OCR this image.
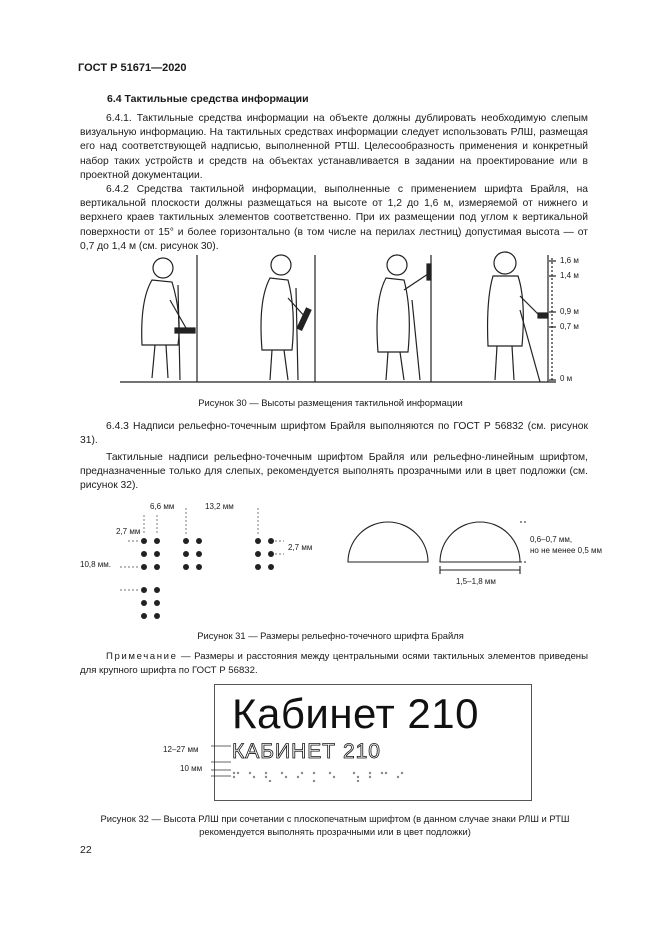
ГОСТ Р 51671—2020
6.4 Тактильные средства информации

6.4.1. Тактильные средства информации на объекте должны дублировать необходимую слепым визуальную информацию. На тактильных средствах информации следует использовать РЛШ, размещая его над соответствующей надписью, выполненной РТШ. Целесообразность применения и конкретный набор таких устройств и средств на объектах устанавливается в задании на проектирование или в проектной документации.

6.4.2 Средства тактильной информации, выполненные с применением шрифта Брайля, на вертикальной плоскости должны размещаться на высоте от 1,2 до 1,6 м, измеряемой от нижнего и верхнего краев тактильных элементов соответственно. При их размещении под углом к вертикальной поверхности от 15° и более горизонтально (в том числе на перилах лестниц) допустимая высота — от 0,7 до 1,4 м (см. рисунок 30).

1,6 м
1,4 м
0,9 м
0,7 м
0 м
Рисунок 30 — Высоты размещения тактильной информации

6.4.3 Надписи рельефно-точечным шрифтом Брайля выполняются по ГОСТ Р 56832 (см. рисунок 31).

Тактильные надписи рельефно-точечным шрифтом Брайля или рельефно-линейным шрифтом, предназначенные только для слепых, рекомендуется выполнять прозрачными или в цвет подложки (см. рисунок 32).

6,6 мм	13,2 мм
2,7 мм
2,7 мм
10,8 мм.
0,6–0,7 мм,
но не менее 0,5 мм
1,5–1,8 мм
Рисунок 31 — Размеры рельефно-точечного шрифта Брайля

Примечание — Размеры и расстояния между центральными осями тактильных элементов приведены для крупного шрифта по ГОСТ Р 56832.

Кабинет 210
КАБИНЕТ 210
12–27 мм
10 мм
Рисунок 32 — Высота РЛШ при сочетании с плоскопечатным шрифтом (в данном случае знаки РЛШ и РТШ рекомендуется выполнять прозрачными или в цвет подложки)
22
